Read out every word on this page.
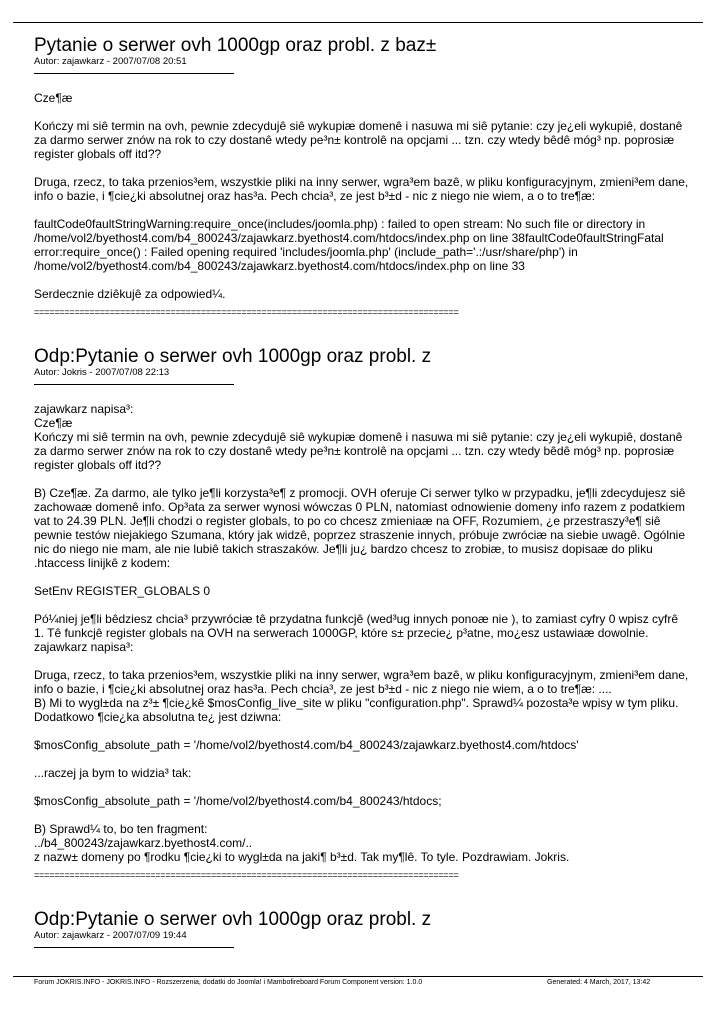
Pytanie o serwer ovh 1000gp oraz probl. z baz±
Autor: zajawkarz - 2007/07/08 20:51

Cze¶æ

Kończy mi siê termin na ovh, pewnie zdecydujê siê wykupiæ domenê i nasuwa mi siê pytanie: czy je¿eli wykupiê, dostanê za darmo serwer znów na rok to czy dostanê wtedy pe³n± kontrolê na opcjami ... tzn. czy wtedy bêdê móg³ np. poprosiæ register globals off itd??

Druga, rzecz, to taka przenios³em, wszystkie pliki na inny serwer, wgra³em bazê, w pliku konfiguracyjnym, zmieni³em dane, info o bazie, i ¶cie¿ki absolutnej oraz has³a. Pech chcia³, ze jest b³±d - nic z niego nie wiem, a o to tre¶æ:

faultCode0faultStringWarning:require_once(includes/joomla.php) : failed to open stream: No such file or directory in /home/vol2/byethost4.com/b4_800243/zajawkarz.byethost4.com/htdocs/index.php on line 38faultCode0faultStringFatal error:require_once() : Failed opening required 'includes/joomla.php' (include_path='.:/usr/share/php') in /home/vol2/byethost4.com/b4_800243/zajawkarz.byethost4.com/htdocs/index.php on line 33

Serdecznie dziêkujê za odpowied¼.

====================================================================================
Odp:Pytanie o serwer ovh 1000gp oraz probl. z
Autor: Jokris - 2007/07/08 22:13

zajawkarz napisa³:

Cze¶æ

Kończy mi siê termin na ovh, pewnie zdecydujê siê wykupiæ domenê i nasuwa mi siê pytanie: czy je¿eli wykupiê, dostanê za darmo serwer znów na rok to czy dostanê wtedy pe³n± kontrolê na opcjami ... tzn. czy wtedy bêdê móg³ np. poprosiæ register globals off itd??

B) Cze¶æ. Za darmo, ale tylko je¶li korzysta³e¶ z promocji. OVH oferuje Ci serwer tylko w przypadku, je¶li zdecydujesz siê zachowaæ domenê info. Op³ata za serwer wynosi wówczas 0 PLN, natomiast odnowienie domeny info razem z podatkiem vat to 24.39 PLN. Je¶li chodzi o register globals, to po co chcesz zmieniaæ na OFF, Rozumiem, ¿e przestraszy³e¶ siê pewnie testów niejakiego Szumana, który jak widzê, poprzez straszenie innych, próbuje zwróciæ na siebie uwagê. Ogólnie nic do niego nie mam, ale nie lubiê takich straszaków. Je¶li ju¿ bardzo chcesz to zrobiæ, to musisz dopisaæ do pliku .htaccess linijkê z kodem:

SetEnv REGISTER_GLOBALS 0

Pó¼niej je¶li bêdziesz chcia³ przywróciæ tê przydatna funkcjê (wed³ug innych ponoæ nie ), to zamiast cyfry 0 wpisz cyfrê 1. Tê funkcjê register globals na OVH na serwerach 1000GP, które s± przecie¿ p³atne, mo¿esz ustawiaæ dowolnie.

zajawkarz napisa³:

Druga, rzecz, to taka przenios³em, wszystkie pliki na inny serwer, wgra³em bazê, w pliku konfiguracyjnym, zmieni³em dane, info o bazie, i ¶cie¿ki absolutnej oraz has³a. Pech chcia³, ze jest b³±d - nic z niego nie wiem, a o to tre¶æ: ....
B) Mi to wygl±da na z³± ¶cie¿kê $mosConfig_live_site w pliku "configuration.php". Sprawd¼ pozosta³e wpisy w tym pliku. Dodatkowo ¶cie¿ka absolutna te¿ jest dziwna:

$mosConfig_absolute_path = '/home/vol2/byethost4.com/b4_800243/zajawkarz.byethost4.com/htdocs'

...raczej ja bym to widzia³ tak:

$mosConfig_absolute_path = '/home/vol2/byethost4.com/b4_800243/htdocs;

B) Sprawd¼ to, bo ten fragment:
../b4_800243/zajawkarz.byethost4.com/..
z nazw± domeny po ¶rodku ¶cie¿ki to wygl±da na jaki¶ b³±d. Tak my¶lê. To tyle. Pozdrawiam. Jokris.

====================================================================================
Odp:Pytanie o serwer ovh 1000gp oraz probl. z
Autor: zajawkarz - 2007/07/09 19:44
Forum JOKRIS.INFO - JOKRIS.INFO - Rozszerzenia, dodatki do Joomla! i Mambofireboard Forum Component version: 1.0.0	Generated: 4 March, 2017, 13:42
